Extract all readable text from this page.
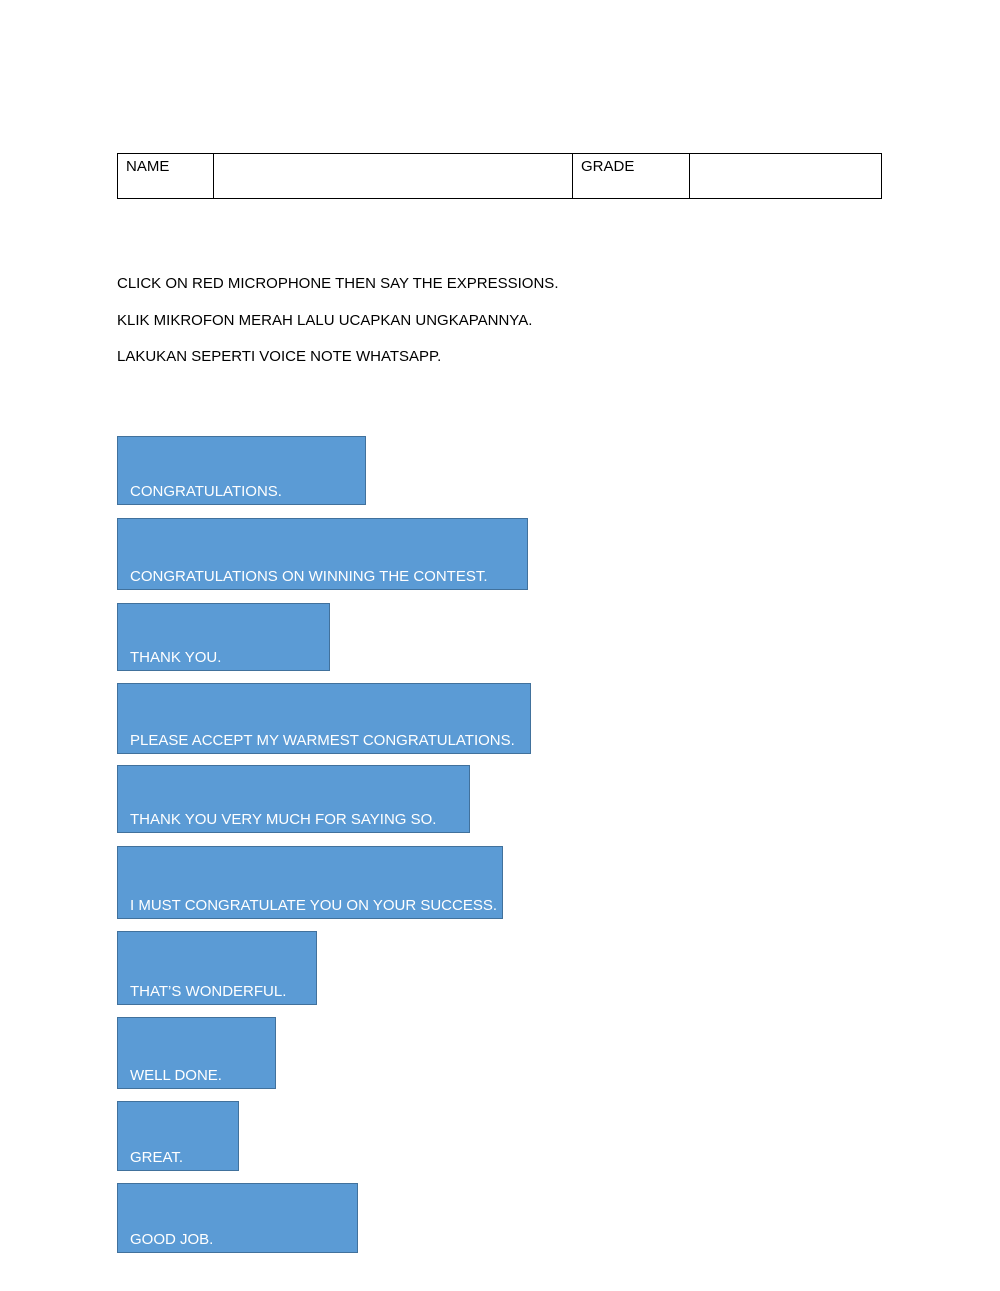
NAME		GRADE	

CLICK ON RED MICROPHONE THEN SAY THE EXPRESSIONS.

KLIK MIKROFON MERAH LALU UCAPKAN UNGKAPANNYA.

LAKUKAN SEPERTI VOICE NOTE WHATSAPP.

CONGRATULATIONS.
CONGRATULATIONS ON WINNING THE CONTEST.
THANK YOU.
PLEASE ACCEPT MY WARMEST CONGRATULATIONS.
THANK YOU VERY MUCH FOR SAYING SO.
I MUST CONGRATULATE YOU ON YOUR SUCCESS.
THAT’S WONDERFUL.
WELL DONE.
GREAT.
GOOD JOB.
